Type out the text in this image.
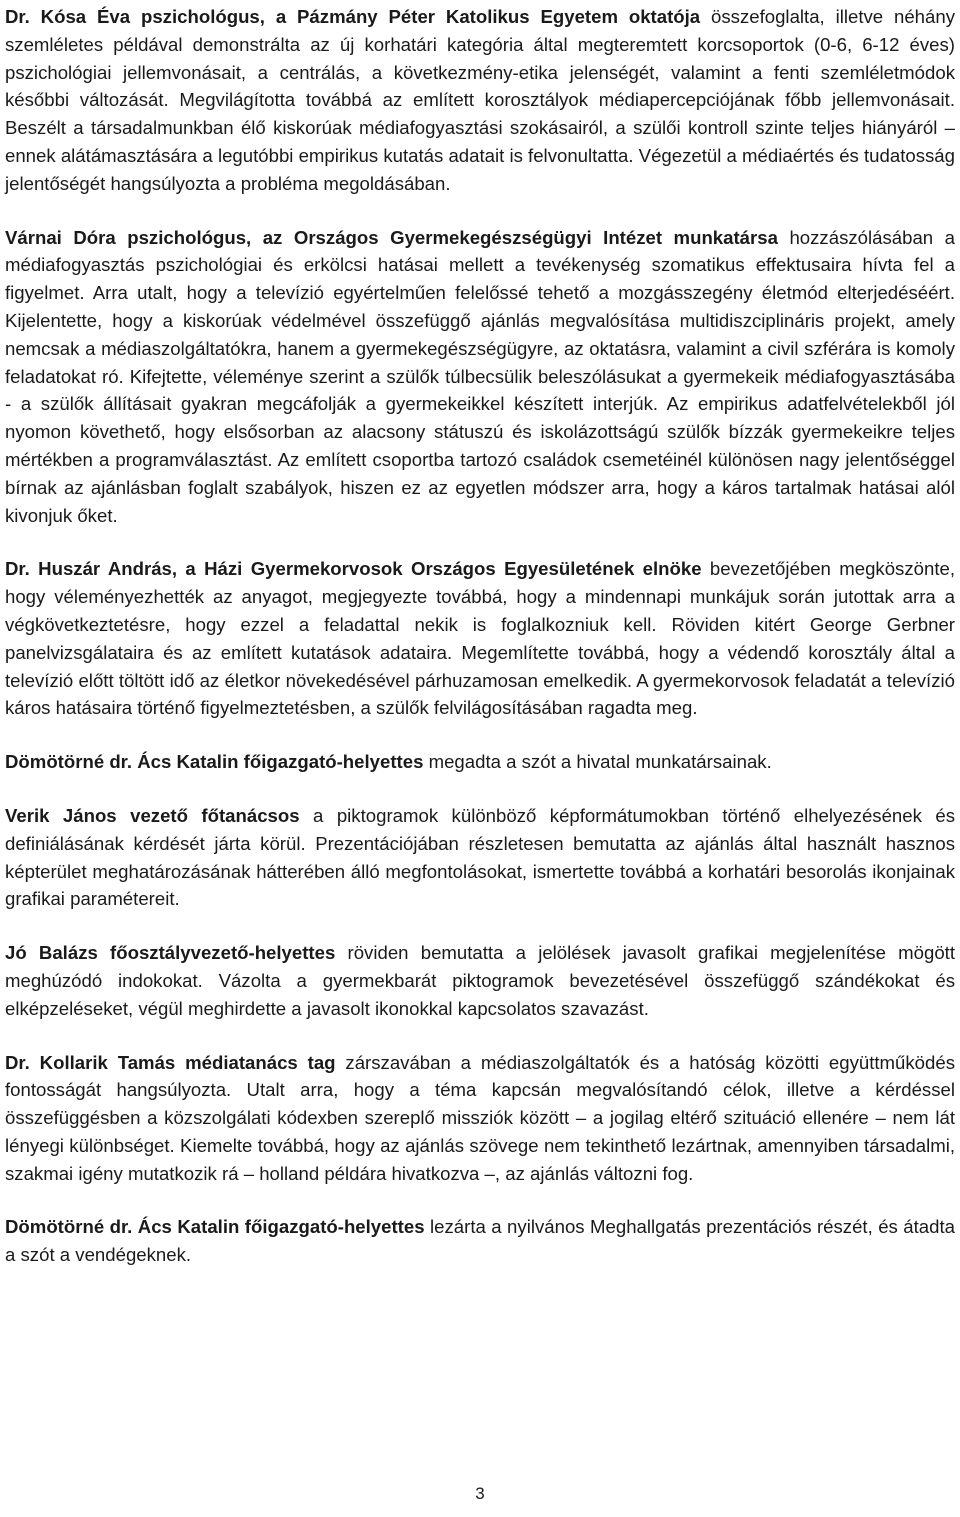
Dr. Kósa Éva pszichológus, a Pázmány Péter Katolikus Egyetem oktatója összefoglalta, illetve néhány szemléletes példával demonstrálta az új korhatári kategória által megteremtett korcsoportok (0-6, 6-12 éves) pszichológiai jellemvonásait, a centrálás, a következmény-etika jelenségét, valamint a fenti szemléletmódok későbbi változását. Megvilágította továbbá az említett korosztályok médiapercepciójának főbb jellemvonásait. Beszélt a társadalmunkban élő kiskorúak médiafogyasztási szokásairól, a szülői kontroll szinte teljes hiányáról – ennek alátámasztására a legutóbbi empirikus kutatás adatait is felvonultatta. Végezetül a médiaértés és tudatosság jelentőségét hangsúlyozta a probléma megoldásában.

Várnai Dóra pszichológus, az Országos Gyermekegészségügyi Intézet munkatársa hozzászólásában a médiafogyasztás pszichológiai és erkölcsi hatásai mellett a tevékenység szomatikus effektusaira hívta fel a figyelmet. Arra utalt, hogy a televízió egyértelműen felelőssé tehető a mozgásszegény életmód elterjedéséért. Kijelentette, hogy a kiskorúak védelmével összefüggő ajánlás megvalósítása multidiszciplináris projekt, amely nemcsak a médiaszolgáltatókra, hanem a gyermekegészségügyre, az oktatásra, valamint a civil szférára is komoly feladatokat ró. Kifejtette, véleménye szerint a szülők túlbecsülik beleszólásukat a gyermekeik médiafogyasztásába - a szülők állításait gyakran megcáfolják a gyermekeikkel készített interjúk. Az empirikus adatfelvételekből jól nyomon követhető, hogy elsősorban az alacsony státuszú és iskolázottságú szülők bízzák gyermekeikre teljes mértékben a programválasztást. Az említett csoportba tartozó családok csemetéinél különösen nagy jelentőséggel bírnak az ajánlásban foglalt szabályok, hiszen ez az egyetlen módszer arra, hogy a káros tartalmak hatásai alól kivonjuk őket.

Dr. Huszár András, a Házi Gyermekorvosok Országos Egyesületének elnöke bevezetőjében megköszönte, hogy véleményezhették az anyagot, megjegyezte továbbá, hogy a mindennapi munkájuk során jutottak arra a végkövetkeztetésre, hogy ezzel a feladattal nekik is foglalkozniuk kell. Röviden kitért George Gerbner panelvizsgálataira és az említett kutatások adataira. Megemlítette továbbá, hogy a védendő korosztály által a televízió előtt töltött idő az életkor növekedésével párhuzamosan emelkedik. A gyermekorvosok feladatát a televízió káros hatásaira történő figyelmeztetésben, a szülők felvilágosításában ragadta meg.

Dömötörné dr. Ács Katalin főigazgató-helyettes megadta a szót a hivatal munkatársainak.

Verik János vezető főtanácsos a piktogramok különböző képformátumokban történő elhelyezésének és definiálásának kérdését járta körül. Prezentációjában részletesen bemutatta az ajánlás által használt hasznos képterület meghatározásának hátterében álló megfontolásokat, ismertette továbbá a korhatári besorolás ikonjainak grafikai paramétereit.

Jó Balázs főosztályvezető-helyettes röviden bemutatta a jelölések javasolt grafikai megjelenítése mögött meghúzódó indokokat. Vázolta a gyermekbarát piktogramok bevezetésével összefüggő szándékokat és elképzeléseket, végül meghirdette a javasolt ikonokkal kapcsolatos szavazást.

Dr. Kollarik Tamás médiatanács tag zárszavában a médiaszolgáltatók és a hatóság közötti együttműködés fontosságát hangsúlyozta. Utalt arra, hogy a téma kapcsán megvalósítandó célok, illetve a kérdéssel összefüggésben a közszolgálati kódexben szereplő missziók között – a jogilag eltérő szituáció ellenére – nem lát lényegi különbséget. Kiemelte továbbá, hogy az ajánlás szövege nem tekinthető lezártnak, amennyiben társadalmi, szakmai igény mutatkozik rá – holland példára hivatkozva –, az ajánlás változni fog.

Dömötörné dr. Ács Katalin főigazgató-helyettes lezárta a nyilvános Meghallgatás prezentációs részét, és átadta a szót a vendégeknek.

3
